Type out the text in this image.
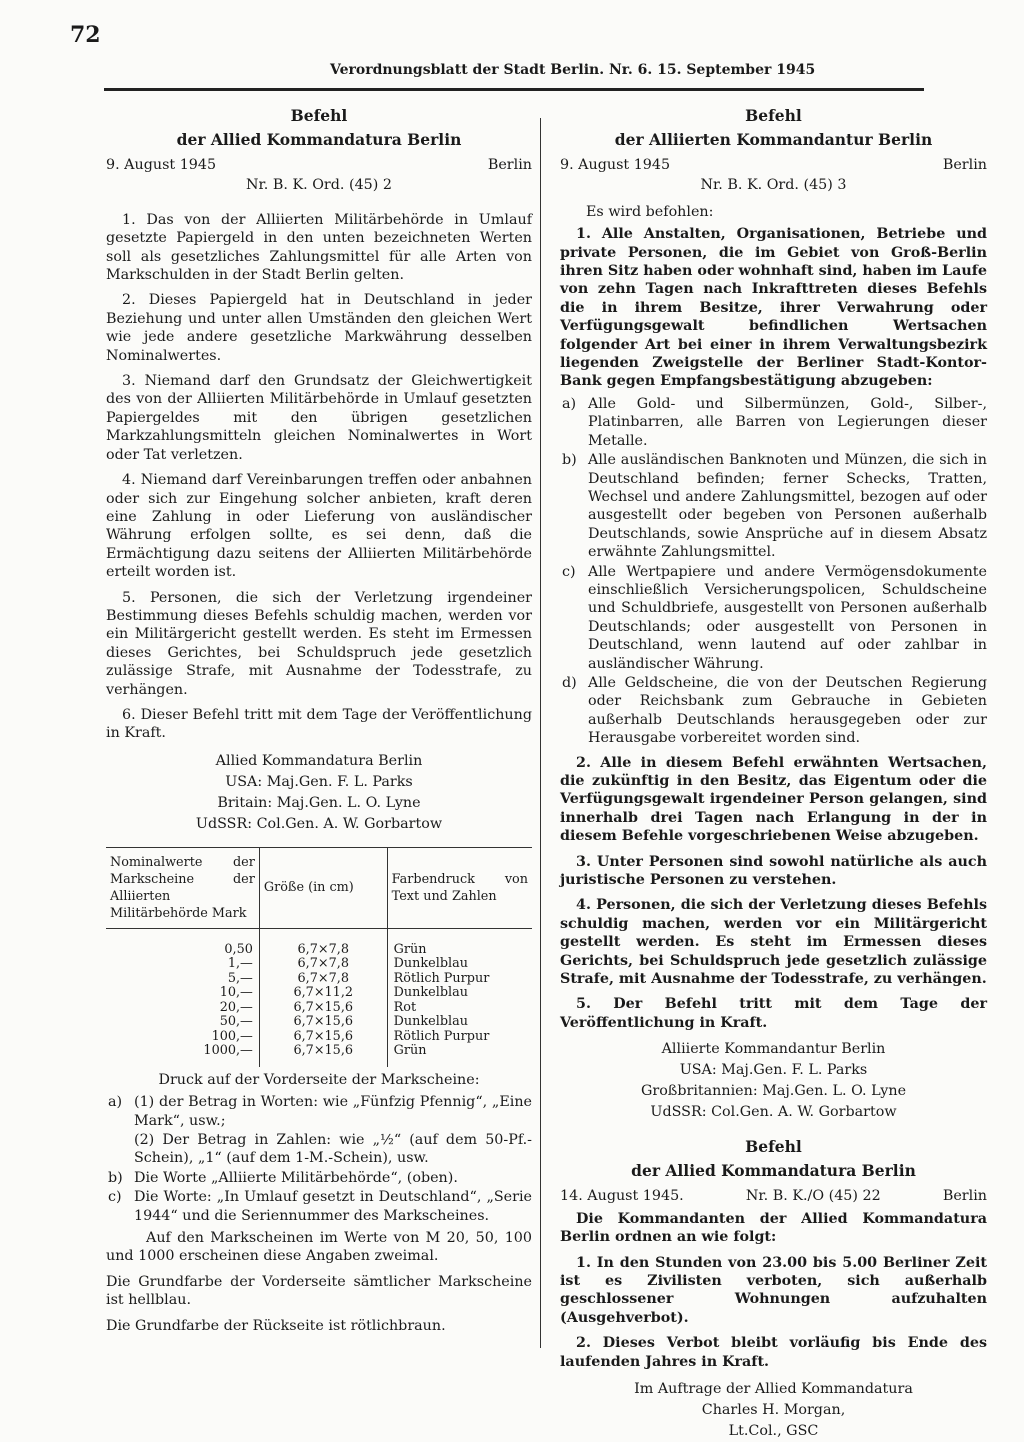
72
Verordnungsblatt der Stadt Berlin. Nr. 6. 15. September 1945
Befehl
der Allied Kommandatura Berlin
9. August 1945	Berlin
Nr. B. K. Ord. (45) 2

1. Das von der Alliierten Militärbehörde in Umlauf gesetzte Papiergeld in den unten bezeichneten Werten soll als gesetzliches Zahlungsmittel für alle Arten von Markschulden in der Stadt Berlin gelten.

2. Dieses Papiergeld hat in Deutschland in jeder Beziehung und unter allen Umständen den gleichen Wert wie jede andere gesetzliche Markwährung desselben Nominalwertes.

3. Niemand darf den Grundsatz der Gleichwertigkeit des von der Alliierten Militärbehörde in Umlauf gesetzten Papiergeldes mit den übrigen gesetzlichen Markzahlungsmitteln gleichen Nominalwertes in Wort oder Tat verletzen.

4. Niemand darf Vereinbarungen treffen oder anbahnen oder sich zur Eingehung solcher anbieten, kraft deren eine Zahlung in oder Lieferung von ausländischer Währung erfolgen sollte, es sei denn, daß die Ermächtigung dazu seitens der Alliierten Militärbehörde erteilt worden ist.

5. Personen, die sich der Verletzung irgendeiner Bestimmung dieses Befehls schuldig machen, werden vor ein Militärgericht gestellt werden. Es steht im Ermessen dieses Gerichtes, bei Schuldspruch jede gesetzlich zulässige Strafe, mit Ausnahme der Todesstrafe, zu verhängen.

6. Dieser Befehl tritt mit dem Tage der Veröffentlichung in Kraft.

Allied Kommandatura Berlin
USA: Maj.Gen. F. L. Parks
Britain: Maj.Gen. L. O. Lyne
UdSSR: Col.Gen. A. W. Gorbartow
Nominalwerte der Markscheine der Alliierten Militärbehörde Mark	Größe (in cm)	Farbendruck von Text und Zahlen
0,50	6,7×7,8	Grün
1,—	6,7×7,8	Dunkelblau
5,—	6,7×7,8	Rötlich Purpur
10,—	6,7×11,2	Dunkelblau
20,—	6,7×15,6	Rot
50,—	6,7×15,6	Dunkelblau
100,—	6,7×15,6	Rötlich Purpur
1000,—	6,7×15,6	Grün
Druck auf der Vorderseite der Markscheine:
a) (1) der Betrag in Worten: wie „Fünfzig Pfennig“, „Eine Mark“, usw.;
(2) Der Betrag in Zahlen: wie „½“ (auf dem 50-Pf.-Schein), „1“ (auf dem 1-M.-Schein), usw.
b) Die Worte „Alliierte Militärbehörde“, (oben).
c) Die Worte: „In Umlauf gesetzt in Deutschland“, „Serie 1944“ und die Seriennummer des Markscheines.

Auf den Markscheinen im Werte von M 20, 50, 100 und 1000 erscheinen diese Angaben zweimal.

Die Grundfarbe der Vorderseite sämtlicher Markscheine ist hellblau.

Die Grundfarbe der Rückseite ist rötlichbraun.

Befehl
der Alliierten Kommandantur Berlin
9. August 1945	Berlin
Nr. B. K. Ord. (45) 3
Es wird befohlen:

1. Alle Anstalten, Organisationen, Betriebe und private Personen, die im Gebiet von Groß-Berlin ihren Sitz haben oder wohnhaft sind, haben im Laufe von zehn Tagen nach Inkrafttreten dieses Befehls die in ihrem Besitze, ihrer Verwahrung oder Verfügungsgewalt befindlichen Wertsachen folgender Art bei einer in ihrem Verwaltungsbezirk liegenden Zweigstelle der Berliner Stadt-Kontor-Bank gegen Empfangsbestätigung abzugeben:

a) Alle Gold- und Silbermünzen, Gold-, Silber-, Platinbarren, alle Barren von Legierungen dieser Metalle.
b) Alle ausländischen Banknoten und Münzen, die sich in Deutschland befinden; ferner Schecks, Tratten, Wechsel und andere Zahlungsmittel, bezogen auf oder ausgestellt oder begeben von Personen außerhalb Deutschlands, sowie Ansprüche auf in diesem Absatz erwähnte Zahlungsmittel.
c) Alle Wertpapiere und andere Vermögensdokumente einschließlich Versicherungspolicen, Schuldscheine und Schuldbriefe, ausgestellt von Personen außerhalb Deutschlands; oder ausgestellt von Personen in Deutschland, wenn lautend auf oder zahlbar in ausländischer Währung.
d) Alle Geldscheine, die von der Deutschen Regierung oder Reichsbank zum Gebrauche in Gebieten außerhalb Deutschlands herausgegeben oder zur Herausgabe vorbereitet worden sind.

2. Alle in diesem Befehl erwähnten Wertsachen, die zukünftig in den Besitz, das Eigentum oder die Verfügungsgewalt irgendeiner Person gelangen, sind innerhalb drei Tagen nach Erlangung in der in diesem Befehle vorgeschriebenen Weise abzugeben.

3. Unter Personen sind sowohl natürliche als auch juristische Personen zu verstehen.

4. Personen, die sich der Verletzung dieses Befehls schuldig machen, werden vor ein Militärgericht gestellt werden. Es steht im Ermessen dieses Gerichts, bei Schuldspruch jede gesetzlich zulässige Strafe, mit Ausnahme der Todesstrafe, zu verhängen.

5. Der Befehl tritt mit dem Tage der Veröffentlichung in Kraft.

Alliierte Kommandantur Berlin
USA: Maj.Gen. F. L. Parks
Großbritannien: Maj.Gen. L. O. Lyne
UdSSR: Col.Gen. A. W. Gorbartow
Befehl
der Allied Kommandatura Berlin
14. August 1945.	Nr. B. K./O (45) 22	Berlin

Die Kommandanten der Allied Kommandatura Berlin ordnen an wie folgt:

1. In den Stunden von 23.00 bis 5.00 Berliner Zeit ist es Zivilisten verboten, sich außerhalb geschlossener Wohnungen aufzuhalten (Ausgehverbot).

2. Dieses Verbot bleibt vorläufig bis Ende des laufenden Jahres in Kraft.

Im Auftrage der Allied Kommandatura
Charles H. Morgan,
Lt.Col., GSC
